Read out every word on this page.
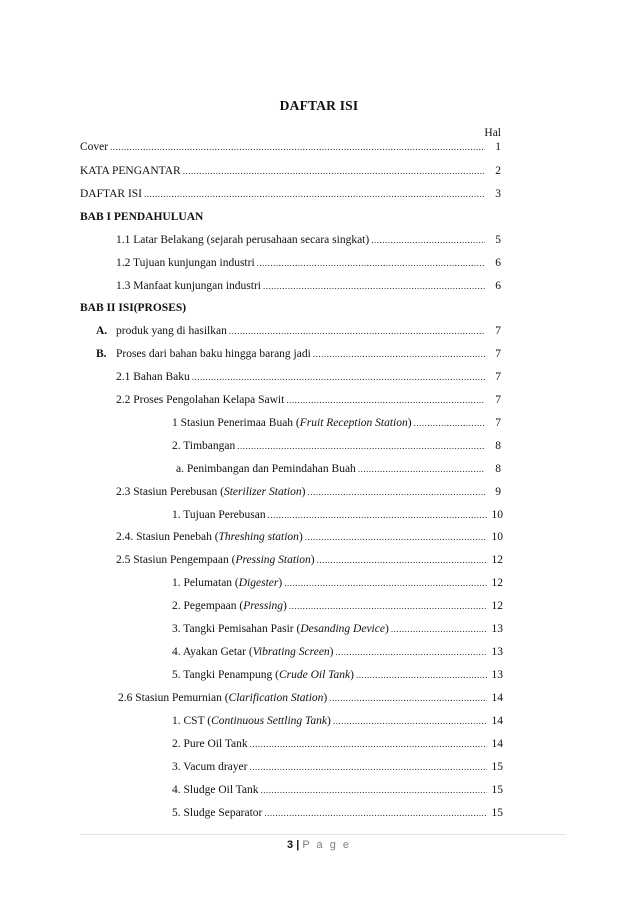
DAFTAR ISI
Hal
Cover .....	1
KATA PENGANTAR .....	2
DAFTAR ISI .....	3
BAB I PENDAHULUAN
1.1 Latar Belakang (sejarah perusahaan secara singkat) .....	5
1.2 Tujuan kunjungan industri .....	6
1.3 Manfaat kunjungan industri .....	6
BAB II ISI(PROSES)
A. produk yang di hasilkan .....	7
B. Proses dari bahan baku hingga barang jadi .....	7
2.1 Bahan Baku .....	7
2.2 Proses Pengolahan Kelapa Sawit .....	7
1 Stasiun Penerimaa Buah (Fruit Reception Station) .....	7
2. Timbangan .....	8
a. Penimbangan dan Pemindahan Buah .....	8
2.3 Stasiun Perebusan (Sterilizer Station) .....	9
1. Tujuan Perebusan .....	10
2.4. Stasiun Penebah (Threshing station) .....	10
2.5 Stasiun Pengempaan (Pressing Station) .....	12
1. Pelumatan (Digester) .....	12
2. Pegempaan (Pressing) .....	12
3. Tangki Pemisahan Pasir (Desanding Device) .....	13
4. Ayakan Getar (Vibrating Screen) .....	13
5. Tangki Penampung (Crude Oil Tank) .....	13
2.6 Stasiun Pemurnian (Clarification Station) .....	14
1. CST (Continuous Settling Tank) .....	14
2. Pure Oil Tank .....	14
3. Vacum drayer .....	15
4. Sludge Oil Tank .....	15
5. Sludge Separator .....	15
3 | P a g e
